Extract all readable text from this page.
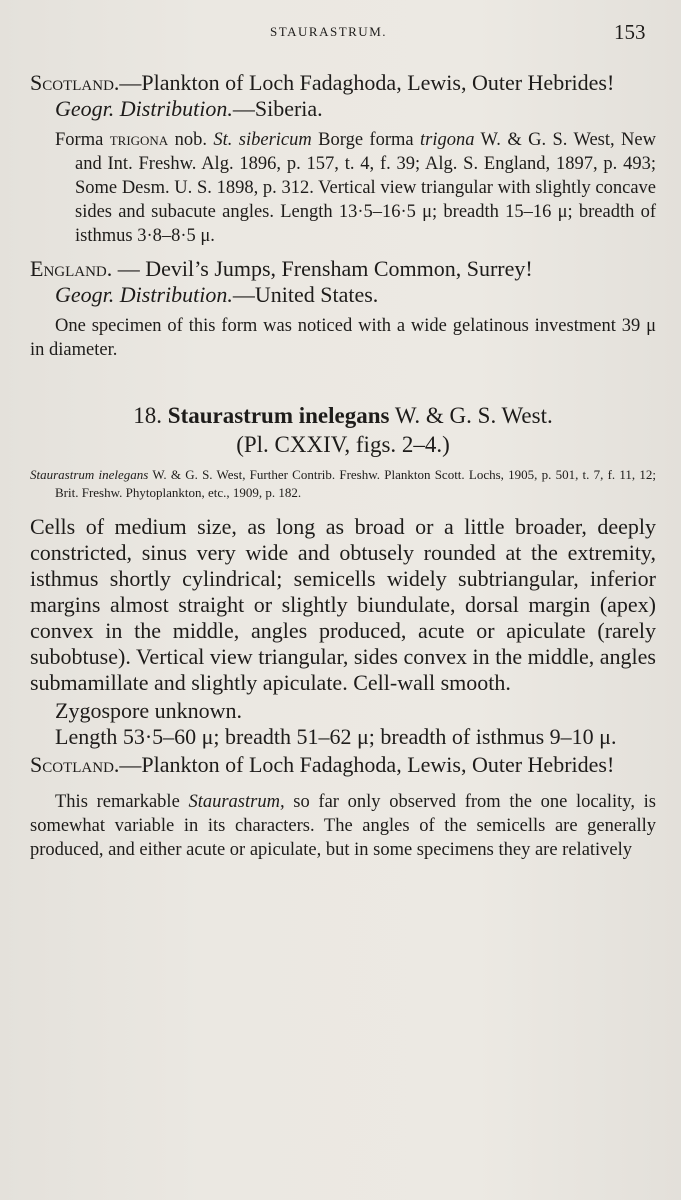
STAURASTRUM.	153

Scotland.—Plankton of Loch Fadaghoda, Lewis, Outer Hebrides!

Geogr. Distribution.—Siberia.

Forma trigona nob. St. sibericum Borge forma trigona W. & G. S. West, New and Int. Freshw. Alg. 1896, p. 157, t. 4, f. 39; Alg. S. England, 1897, p. 493; Some Desm. U. S. 1898, p. 312. Vertical view triangular with slightly concave sides and subacute angles. Length 13·5–16·5 μ; breadth 15–16 μ; breadth of isthmus 3·8–8·5 μ.

England. — Devil’s Jumps, Frensham Common, Surrey!

Geogr. Distribution.—United States.

One specimen of this form was noticed with a wide gelatinous investment 39 μ in diameter.

18. Staurastrum inelegans W. & G. S. West.

(Pl. CXXIV, figs. 2–4.)

Staurastrum inelegans W. & G. S. West, Further Contrib. Freshw. Plankton Scott. Lochs, 1905, p. 501, t. 7, f. 11, 12; Brit. Freshw. Phytoplankton, etc., 1909, p. 182.

Cells of medium size, as long as broad or a little broader, deeply constricted, sinus very wide and obtusely rounded at the extremity, isthmus shortly cylindrical; semicells widely subtriangular, inferior margins almost straight or slightly biundulate, dorsal margin (apex) convex in the middle, angles produced, acute or apiculate (rarely subobtuse). Vertical view triangular, sides convex in the middle, angles submamillate and slightly apiculate. Cell-wall smooth.

Zygospore unknown.

Length 53·5–60 μ; breadth 51–62 μ; breadth of isthmus 9–10 μ.

Scotland.—Plankton of Loch Fadaghoda, Lewis, Outer Hebrides!

This remarkable Staurastrum, so far only observed from the one locality, is somewhat variable in its characters. The angles of the semicells are generally produced, and either acute or apiculate, but in some specimens they are relatively
